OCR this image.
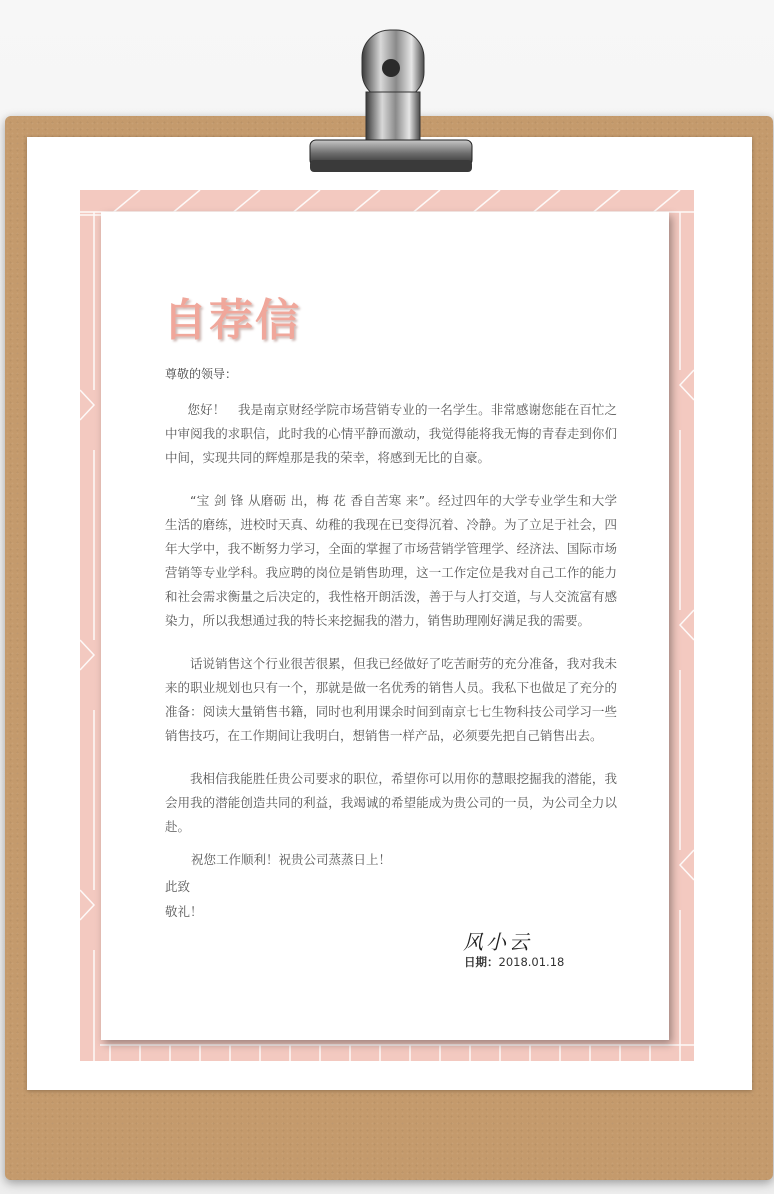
自荐信
尊敬的领导：

您好！　我是南京财经学院市场营销专业的一名学生。非常感谢您能在百忙之中审阅我的求职信，此时我的心情平静而激动，我觉得能将我无悔的青春走到你们中间，实现共同的辉煌那是我的荣幸，将感到无比的自豪。

“宝 剑 锋 从磨砺 出，梅 花 香自苦寒 来”。经过四年的大学专业学生和大学生活的磨练，进校时天真、幼稚的我现在已变得沉着、冷静。为了立足于社会，四年大学中，我不断努力学习，全面的掌握了市场营销学管理学、经济法、国际市场营销等专业学科。我应聘的岗位是销售助理，这一工作定位是我对自己工作的能力和社会需求衡量之后决定的，我性格开朗活泼，善于与人打交道，与人交流富有感染力，所以我想通过我的特长来挖掘我的潜力，销售助理刚好满足我的需要。

话说销售这个行业很苦很累，但我已经做好了吃苦耐劳的充分准备，我对我未来的职业规划也只有一个，那就是做一名优秀的销售人员。我私下也做足了充分的准备：阅读大量销售书籍，同时也利用课余时间到南京七七生物科技公司学习一些销售技巧，在工作期间让我明白，想销售一样产品，必须要先把自己销售出去。

我相信我能胜任贵公司要求的职位，希望你可以用你的慧眼挖掘我的潜能，我会用我的潜能创造共同的利益，我竭诚的希望能成为贵公司的一员，为公司全力以赴。

祝您工作顺利！祝贵公司蒸蒸日上！
此致
敬礼！
风小云
日期：2018.01.18
